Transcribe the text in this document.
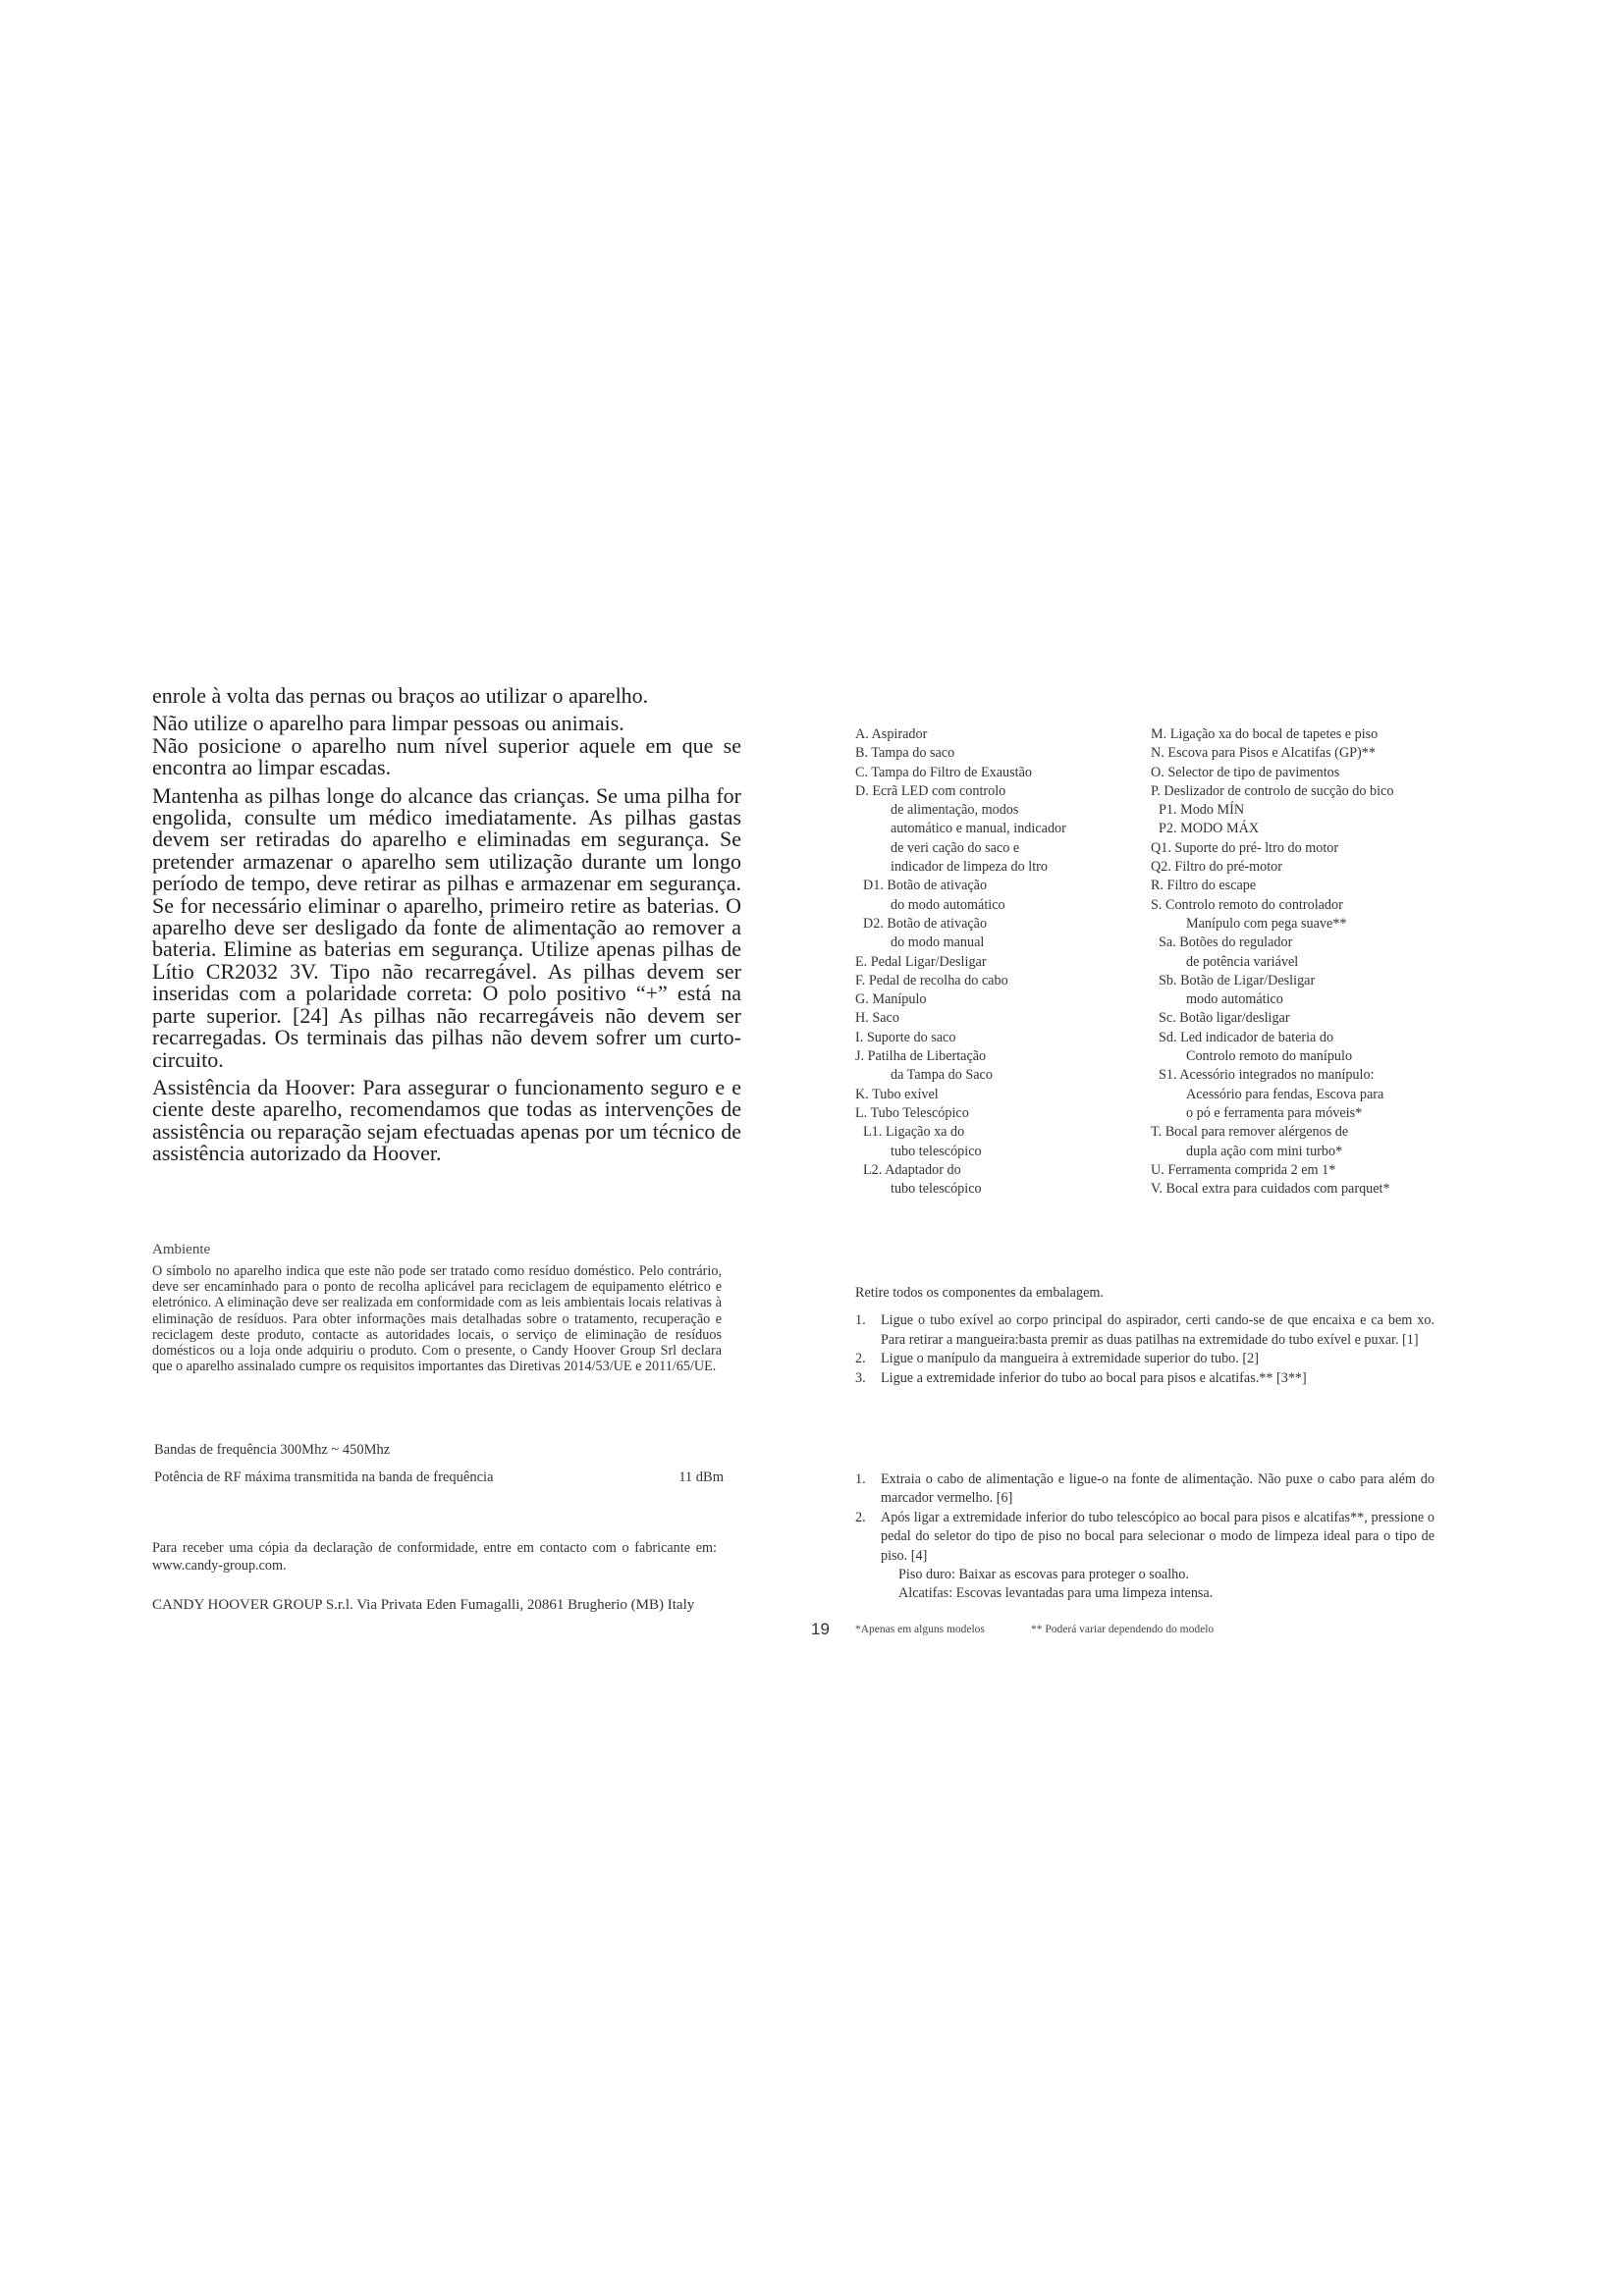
enrole à volta das pernas ou braços ao utilizar o aparelho.

Não utilize o aparelho para limpar pessoas ou animais.

Não posicione o aparelho num nível superior aquele em que se encontra ao limpar escadas.

Mantenha as pilhas longe do alcance das crianças. Se uma pilha for engolida, consulte um médico imediatamente. As pilhas gastas devem ser retiradas do aparelho e eliminadas em segurança. Se pretender armazenar o aparelho sem utilização durante um longo período de tempo, deve retirar as pilhas e armazenar em segurança. Se for necessário eliminar o aparelho, primeiro retire as baterias. O aparelho deve ser desligado da fonte de alimentação ao remover a bateria. Elimine as baterias em segurança. Utilize apenas pilhas de Lítio CR2032 3V. Tipo não recarregável. As pilhas devem ser inseridas com a polaridade correta: O polo positivo “+” está na parte superior. [24] As pilhas não recarregáveis não devem ser recarregadas. Os terminais das pilhas não devem sofrer um curto-circuito.

Assistência da Hoover: Para assegurar o funcionamento seguro e e ciente deste aparelho, recomendamos que todas as intervenções de assistência ou reparação sejam efectuadas apenas por um técnico de assistência autorizado da Hoover.

Ambiente
O símbolo no aparelho indica que este não pode ser tratado como resíduo doméstico. Pelo contrário, deve ser encaminhado para o ponto de recolha aplicável para reciclagem de equipamento elétrico e eletrónico. A eliminação deve ser realizada em conformidade com as leis ambientais locais relativas à eliminação de resíduos. Para obter informações mais detalhadas sobre o tratamento, recuperação e reciclagem deste produto, contacte as autoridades locais, o serviço de eliminação de resíduos domésticos ou a loja onde adquiriu o produto. Com o presente, o Candy Hoover Group Srl declara que o aparelho assinalado cumpre os requisitos importantes das Diretivas 2014/53/UE e 2011/65/UE.
Bandas de frequência 300Mhz ~ 450Mhz
Potência de RF máxima transmitida na banda de frequência	11 dBm
Para receber uma cópia da declaração de conformidade, entre em contacto com o fabricante em: www.candy-group.com.
CANDY HOOVER GROUP S.r.l. Via Privata Eden Fumagalli, 20861 Brugherio (MB) Italy
A. Aspirador
B. Tampa do saco
C. Tampa do Filtro de Exaustão
D. Ecrã LED com controlo
de alimentação, modos
automático e manual, indicador
de veri cação do saco e
indicador de limpeza do ltro
D1. Botão de ativação
do modo automático
D2. Botão de ativação
do modo manual
E. Pedal Ligar/Desligar
F. Pedal de recolha do cabo
G. Manípulo
H. Saco
I. Suporte do saco
J. Patilha de Libertação
da Tampa do Saco
K. Tubo exível
L. Tubo Telescópico
L1. Ligação xa do
tubo telescópico
L2. Adaptador do
tubo telescópico
M. Ligação xa do bocal de tapetes e piso
N. Escova para Pisos e Alcatifas (GP)**
O. Selector de tipo de pavimentos
P. Deslizador de controlo de sucção do bico
P1. Modo MÍN
P2. MODO MÁX
Q1. Suporte do pré- ltro do motor
Q2. Filtro do pré-motor
R. Filtro do escape
S. Controlo remoto do controlador
Manípulo com pega suave**
Sa. Botões do regulador
de potência variável
Sb. Botão de Ligar/Desligar
modo automático
Sc. Botão ligar/desligar
Sd. Led indicador de bateria do
Controlo remoto do manípulo
S1. Acessório integrados no manípulo:
Acessório para fendas, Escova para
o pó e ferramenta para móveis*
T. Bocal para remover alérgenos de
dupla ação com mini turbo*
U. Ferramenta comprida 2 em 1*
V. Bocal extra para cuidados com parquet*
Retire todos os componentes da embalagem.
1.	Ligue o tubo exível ao corpo principal do aspirador, certi cando-se de que encaixa e ca bem xo. Para retirar a mangueira:basta premir as duas patilhas na extremidade do tubo exível e puxar. [1]
2.	Ligue o manípulo da mangueira à extremidade superior do tubo. [2]
3.	Ligue a extremidade inferior do tubo ao bocal para pisos e alcatifas.** [3**]
1.	Extraia o cabo de alimentação e ligue-o na fonte de alimentação. Não puxe o cabo para além do marcador vermelho. [6]
2.	Após ligar a extremidade inferior do tubo telescópico ao bocal para pisos e alcatifas**, pressione o pedal do seletor do tipo de piso no bocal para selecionar o modo de limpeza ideal para o tipo de piso. [4]
Piso duro: Baixar as escovas para proteger o soalho.
Alcatifas: Escovas levantadas para uma limpeza intensa.
19 *Apenas em alguns modelos	** Poderá variar dependendo do modelo
